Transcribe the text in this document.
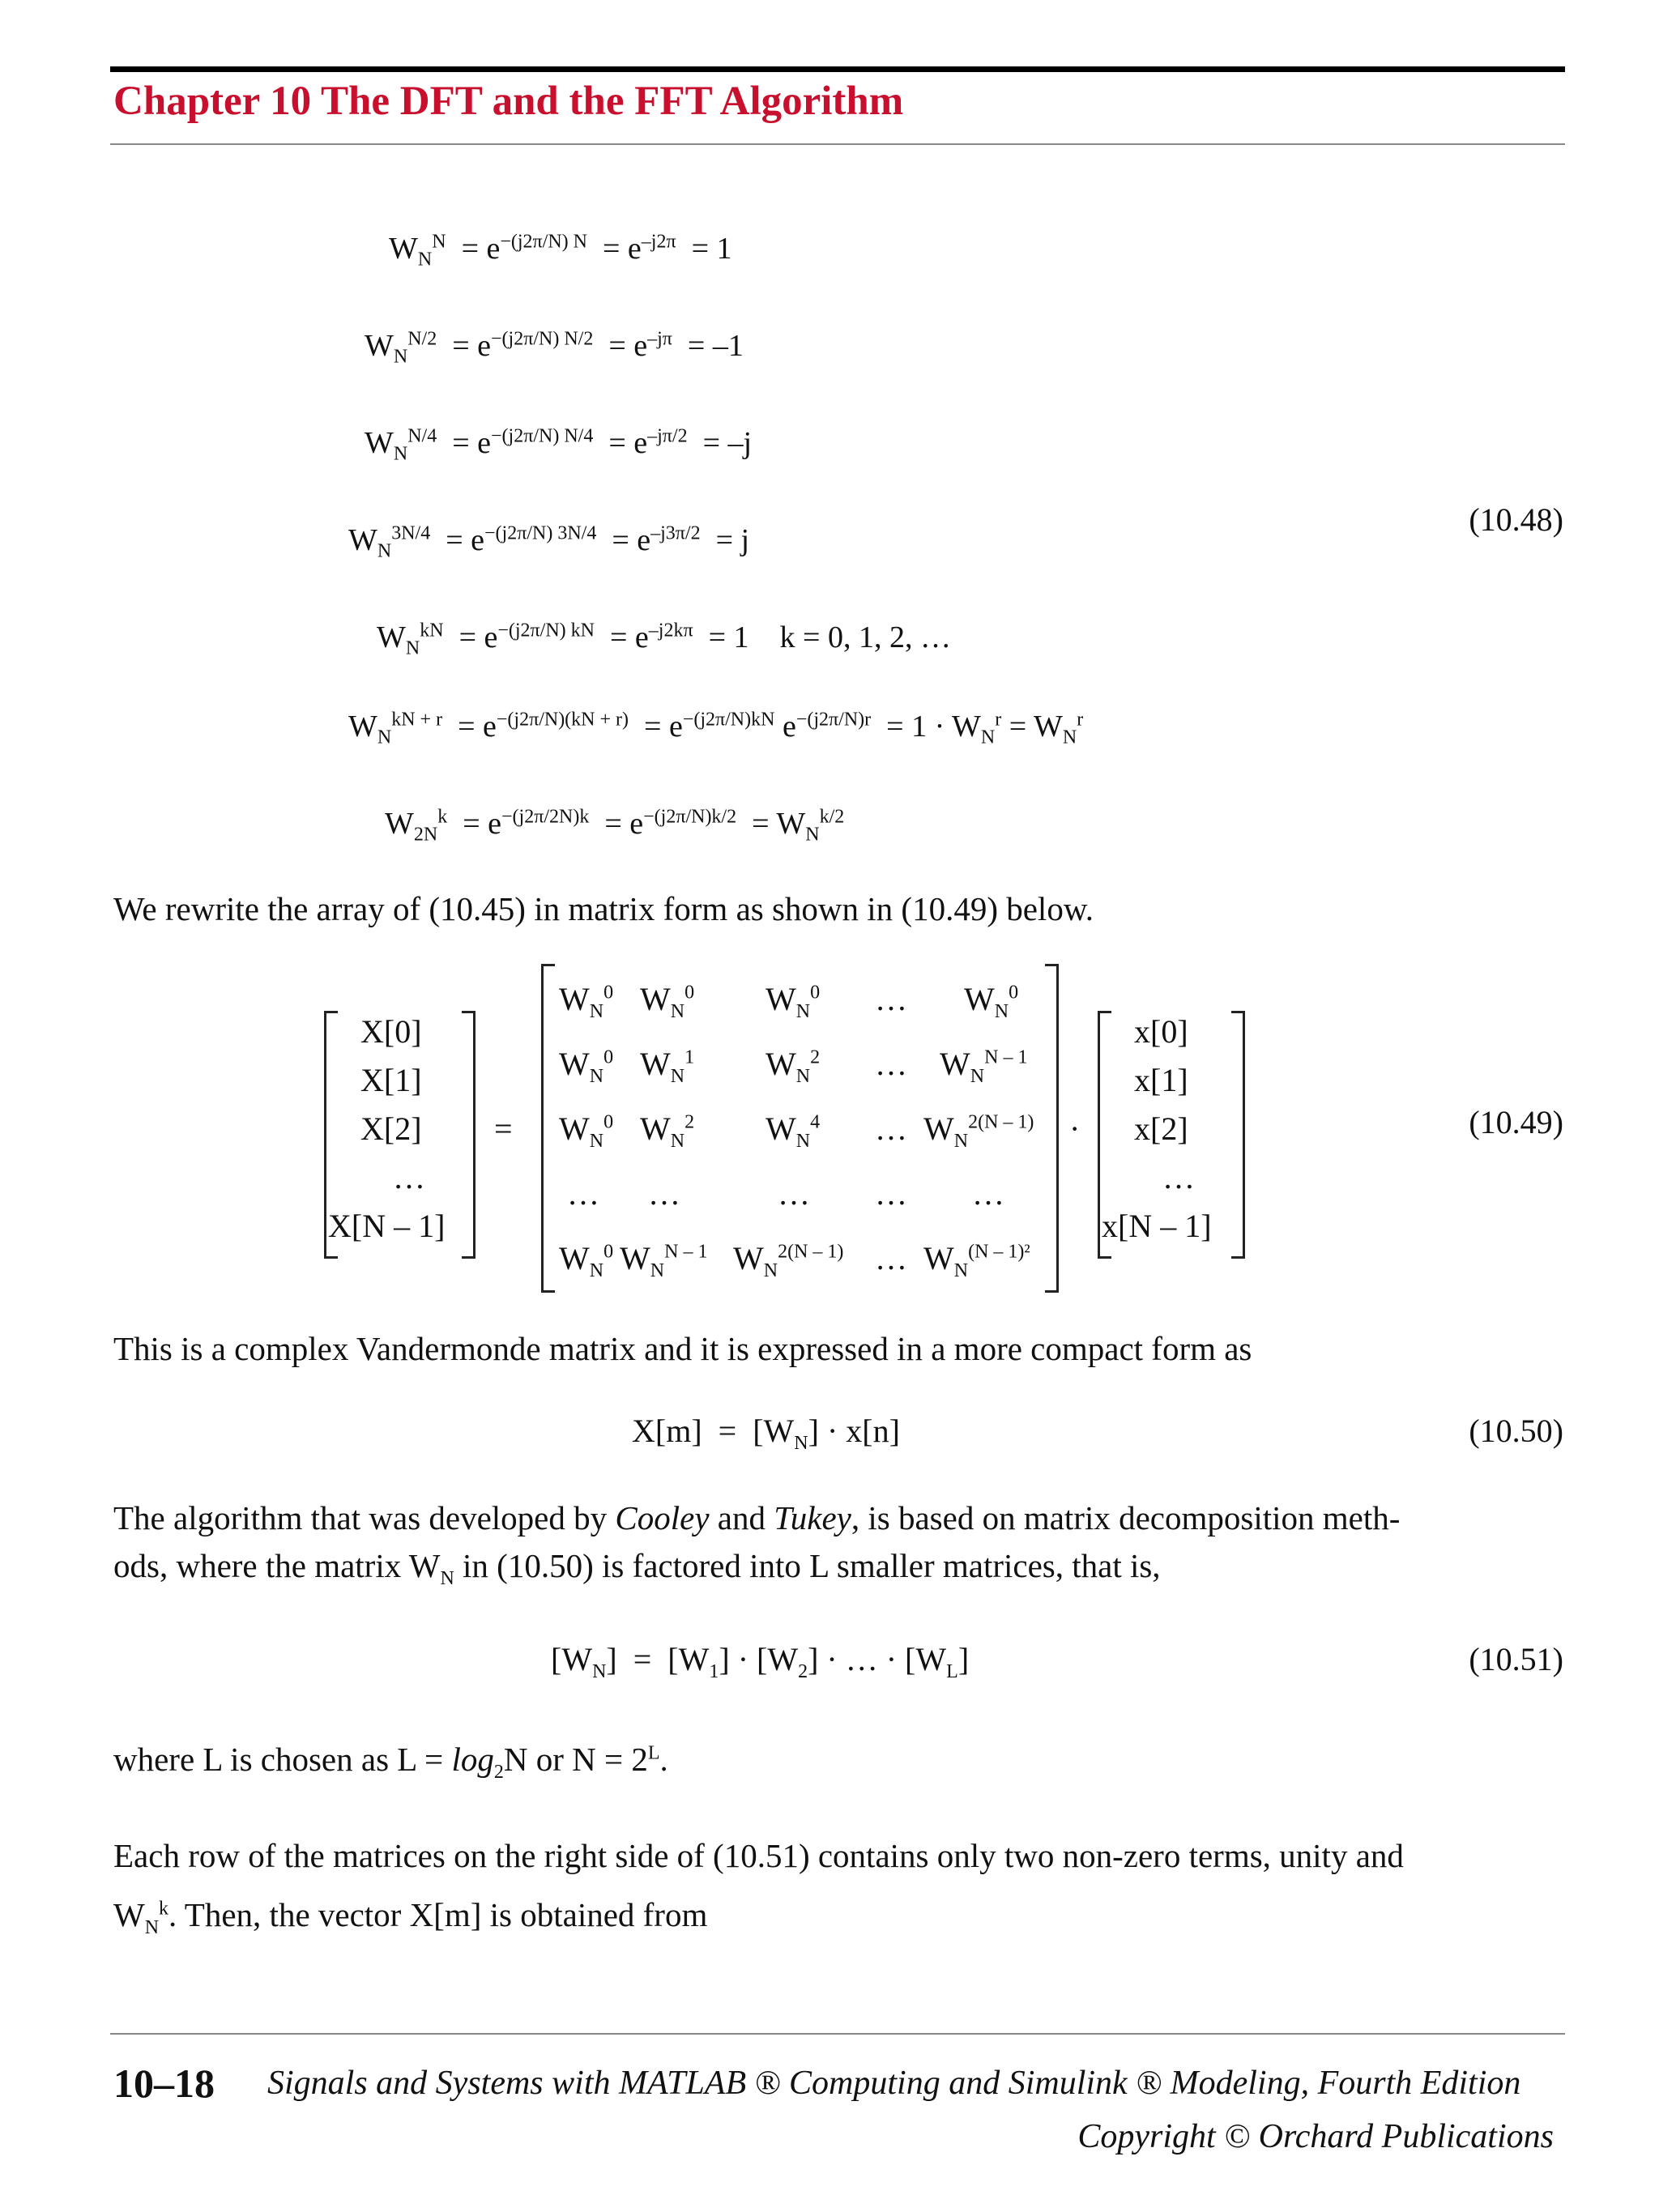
Chapter 10 The DFT and the FFT Algorithm
$W_N^N = e^{-(j2\pi/N) N} = e^{-j2\pi} = 1$
$W_N^{N/2} = e^{-(j2\pi/N) N/2} = e^{-j\pi} = -1$
$W_N^{N/4} = e^{-(j2\pi/N) N/4} = e^{-j\pi/2} = -j$
$W_N^{3N/4} = e^{-(j2\pi/N) 3N/4} = e^{-j3\pi/2} = j$
$W_N^{kN} = e^{-(j2\pi/N) kN} = e^{-j2k\pi} = 1$    k = 0, 1, 2, …
$W_N^{kN + r} = e^{-(j2\pi/N)(kN + r)} = e^{-(j2\pi/N)kN}$ $e^{-(j2\pi/N)r} = 1 \cdot W_N^r = W_N^r$
$W_{2N}^k = e^{-(j2\pi/2N)k} = e^{-(j2\pi/N)k/2} = W_N^{k/2}$
(10.48)
We rewrite the array of (10.45) in matrix form as shown in (10.49) below.
X[0]
X[1]
X[2]
…
X[N – 1]
=
$W_N^0$ $W_N^0$ $W_N^0$ … $W_N^0$
$W_N^0$ $W_N^1$ $W_N^2$ … $W_N^{N - 1}$
$W_N^0$ $W_N^2$ $W_N^4$ … $W_N^{2(N - 1)}$
… …	… … …
$W_N^0$ $W_N^{N - 1}$ $W_N^{2(N - 1)}$ … $W_N^{(N - 1)^2}$
·
x[0]
x[1]
x[2]
…
x[N – 1]
(10.49)
This is a complex Vandermonde matrix and it is expressed in a more compact form as
$X[m] = [W_N] \cdot x[n]$	(10.50)
The algorithm that was developed by Cooley and Tukey, is based on matrix decomposition meth-
ods, where the matrix $W_N$ in (10.50) is factored into L smaller matrices, that is,
$[W_N] = [W_1] \cdot [W_2]$ · … · $[W_L]$	(10.51)
where L is chosen as $L = \log_2N$ or $N = 2^L$.
Each row of the matrices on the right side of (10.51) contains only two non-zero terms, unity and
$W_N^k$. Then, the vector X[m] is obtained from
10–18 Signals and Systems with MATLAB ® Computing and Simulink ® Modeling, Fourth Edition
Copyright © Orchard Publications
